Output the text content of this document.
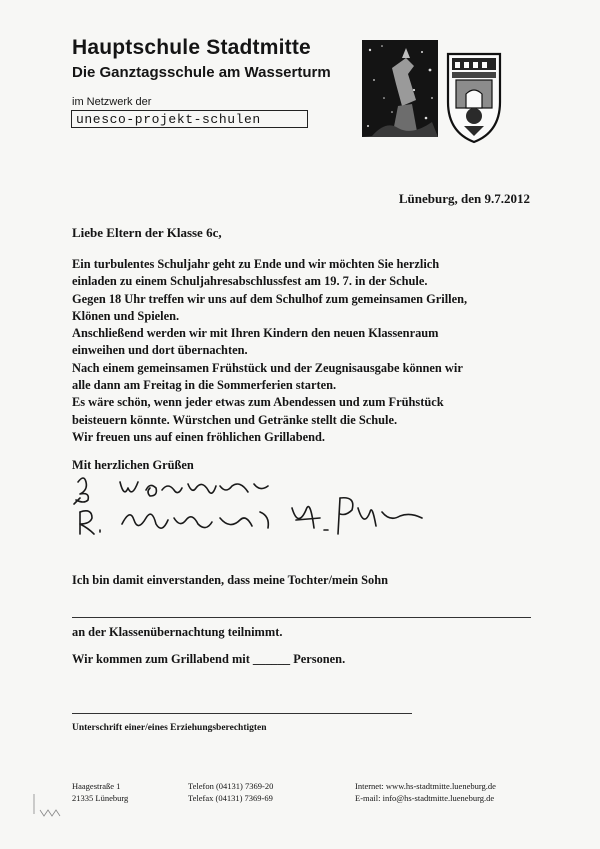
Hauptschule Stadtmitte
Die Ganztagsschule am Wasserturm
im Netzwerk der
unesco-projekt-schulen
Lüneburg, den 9.7.2012
Liebe Eltern der Klasse 6c,
Ein turbulentes Schuljahr geht zu Ende und wir möchten Sie herzlich
einladen zu einem Schuljahresabschlussfest am 19. 7. in der Schule.
Gegen 18 Uhr treffen wir uns auf dem Schulhof zum gemeinsamen Grillen,
Klönen und Spielen.
Anschließend werden wir mit Ihren Kindern den neuen Klassenraum
einweihen und dort übernachten.
Nach einem gemeinsamen Frühstück und der Zeugnisausgabe können wir
alle dann am Freitag in die Sommerferien starten.
Es wäre schön, wenn jeder etwas zum Abendessen und zum Frühstück
beisteuern könnte. Würstchen und Getränke stellt die Schule.
Wir freuen uns auf einen fröhlichen Grillabend.
Mit herzlichen Grüßen
Ich bin damit einverstanden, dass meine Tochter/mein Sohn
an der Klassenübernachtung teilnimmt.
Wir kommen zum Grillabend mit ______ Personen.
Unterschrift einer/eines Erziehungsberechtigten
Haagestraße 1
21335 Lüneburg
Telefon (04131) 7369-20
Telefax (04131) 7369-69
Internet: www.hs-stadtmitte.lueneburg.de
E-mail: info@hs-stadtmitte.lueneburg.de
